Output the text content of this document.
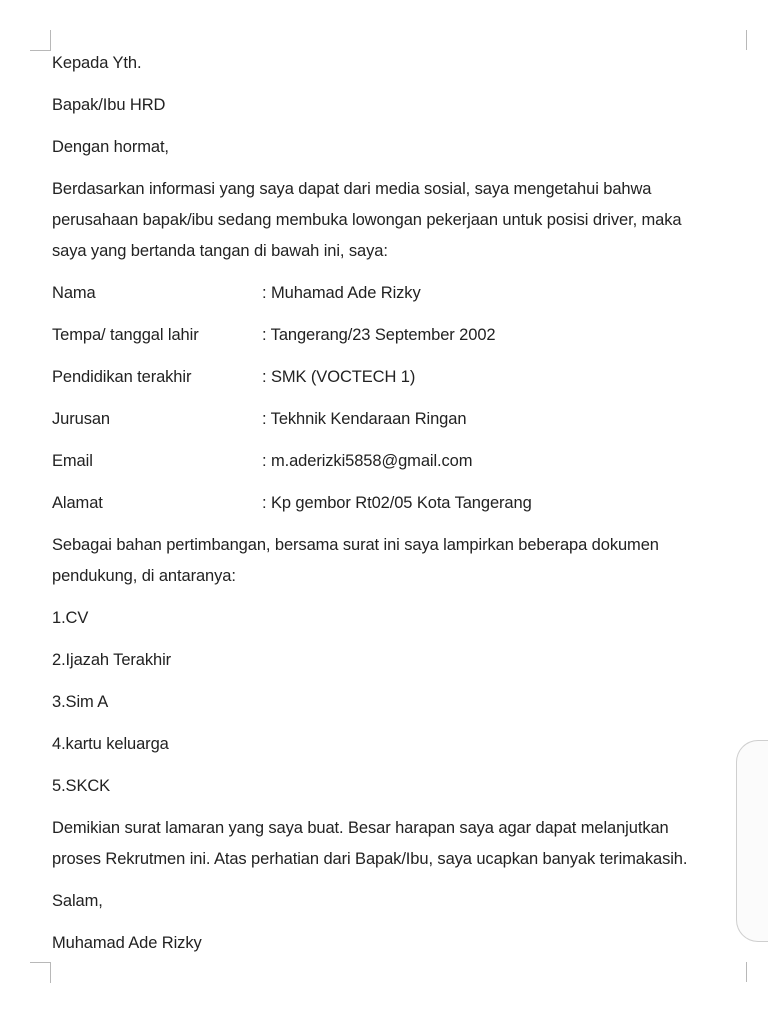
Kepada Yth.
Bapak/Ibu HRD
Dengan hormat,
Berdasarkan informasi yang saya dapat dari media sosial, saya mengetahui bahwa
perusahaan bapak/ibu sedang membuka lowongan pekerjaan untuk posisi driver, maka
saya yang bertanda tangan di bawah ini, saya:
Nama	: Muhamad Ade Rizky
Tempa/ tanggal lahir	: Tangerang/23 September 2002
Pendidikan terakhir	: SMK (VOCTECH 1)
Jurusan	: Tekhnik Kendaraan Ringan
Email	: m.aderizki5858@gmail.com
Alamat	: Kp gembor Rt02/05 Kota Tangerang
Sebagai bahan pertimbangan, bersama surat ini saya lampirkan beberapa dokumen
pendukung, di antaranya:
1.CV
2.Ijazah Terakhir
3.Sim A
4.kartu keluarga
5.SKCK
Demikian surat lamaran yang saya buat. Besar harapan saya agar dapat melanjutkan
proses Rekrutmen ini. Atas perhatian dari Bapak/Ibu, saya ucapkan banyak terimakasih.
Salam,
Muhamad Ade Rizky
